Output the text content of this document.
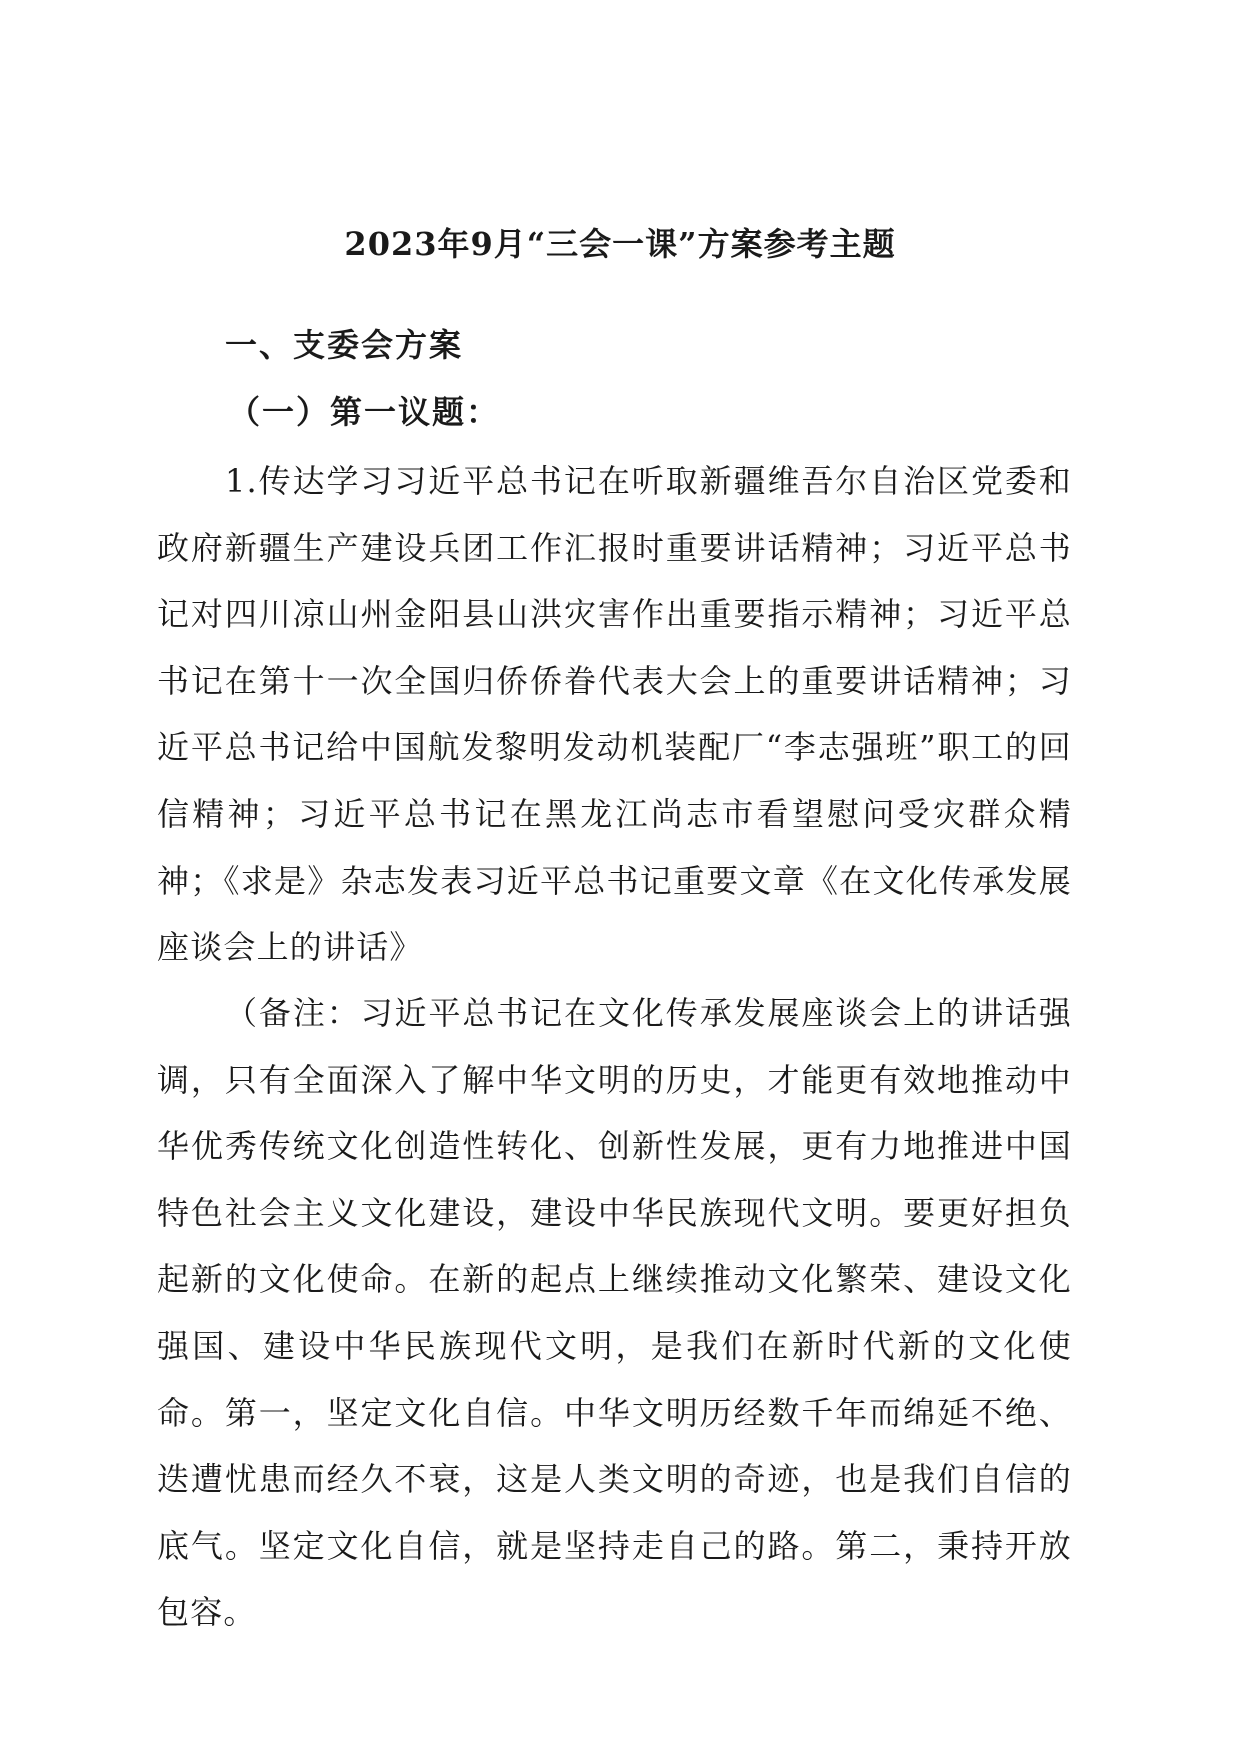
2023年9月“三会一课”方案参考主题
一、支委会方案
（一）第一议题：

1.传达学习习近平总书记在听取新疆维吾尔自治区党委和政府新疆生产建设兵团工作汇报时重要讲话精神；习近平总书记对四川凉山州金阳县山洪灾害作出重要指示精神；习近平总书记在第十一次全国归侨侨眷代表大会上的重要讲话精神；习近平总书记给中国航发黎明发动机装配厂“李志强班”职工的回信精神；习近平总书记在黑龙江尚志市看望慰问受灾群众精神；《求是》杂志发表习近平总书记重要文章《在文化传承发展座谈会上的讲话》

（备注：习近平总书记在文化传承发展座谈会上的讲话强调，只有全面深入了解中华文明的历史，才能更有效地推动中华优秀传统文化创造性转化、创新性发展，更有力地推进中国特色社会主义文化建设，建设中华民族现代文明。要更好担负起新的文化使命。在新的起点上继续推动文化繁荣、建设文化强国、建设中华民族现代文明，是我们在新时代新的文化使命。第一，坚定文化自信。中华文明历经数千年而绵延不绝、迭遭忧患而经久不衰，这是人类文明的奇迹，也是我们自信的底气。坚定文化自信，就是坚持走自己的路。第二，秉持开放包容。
